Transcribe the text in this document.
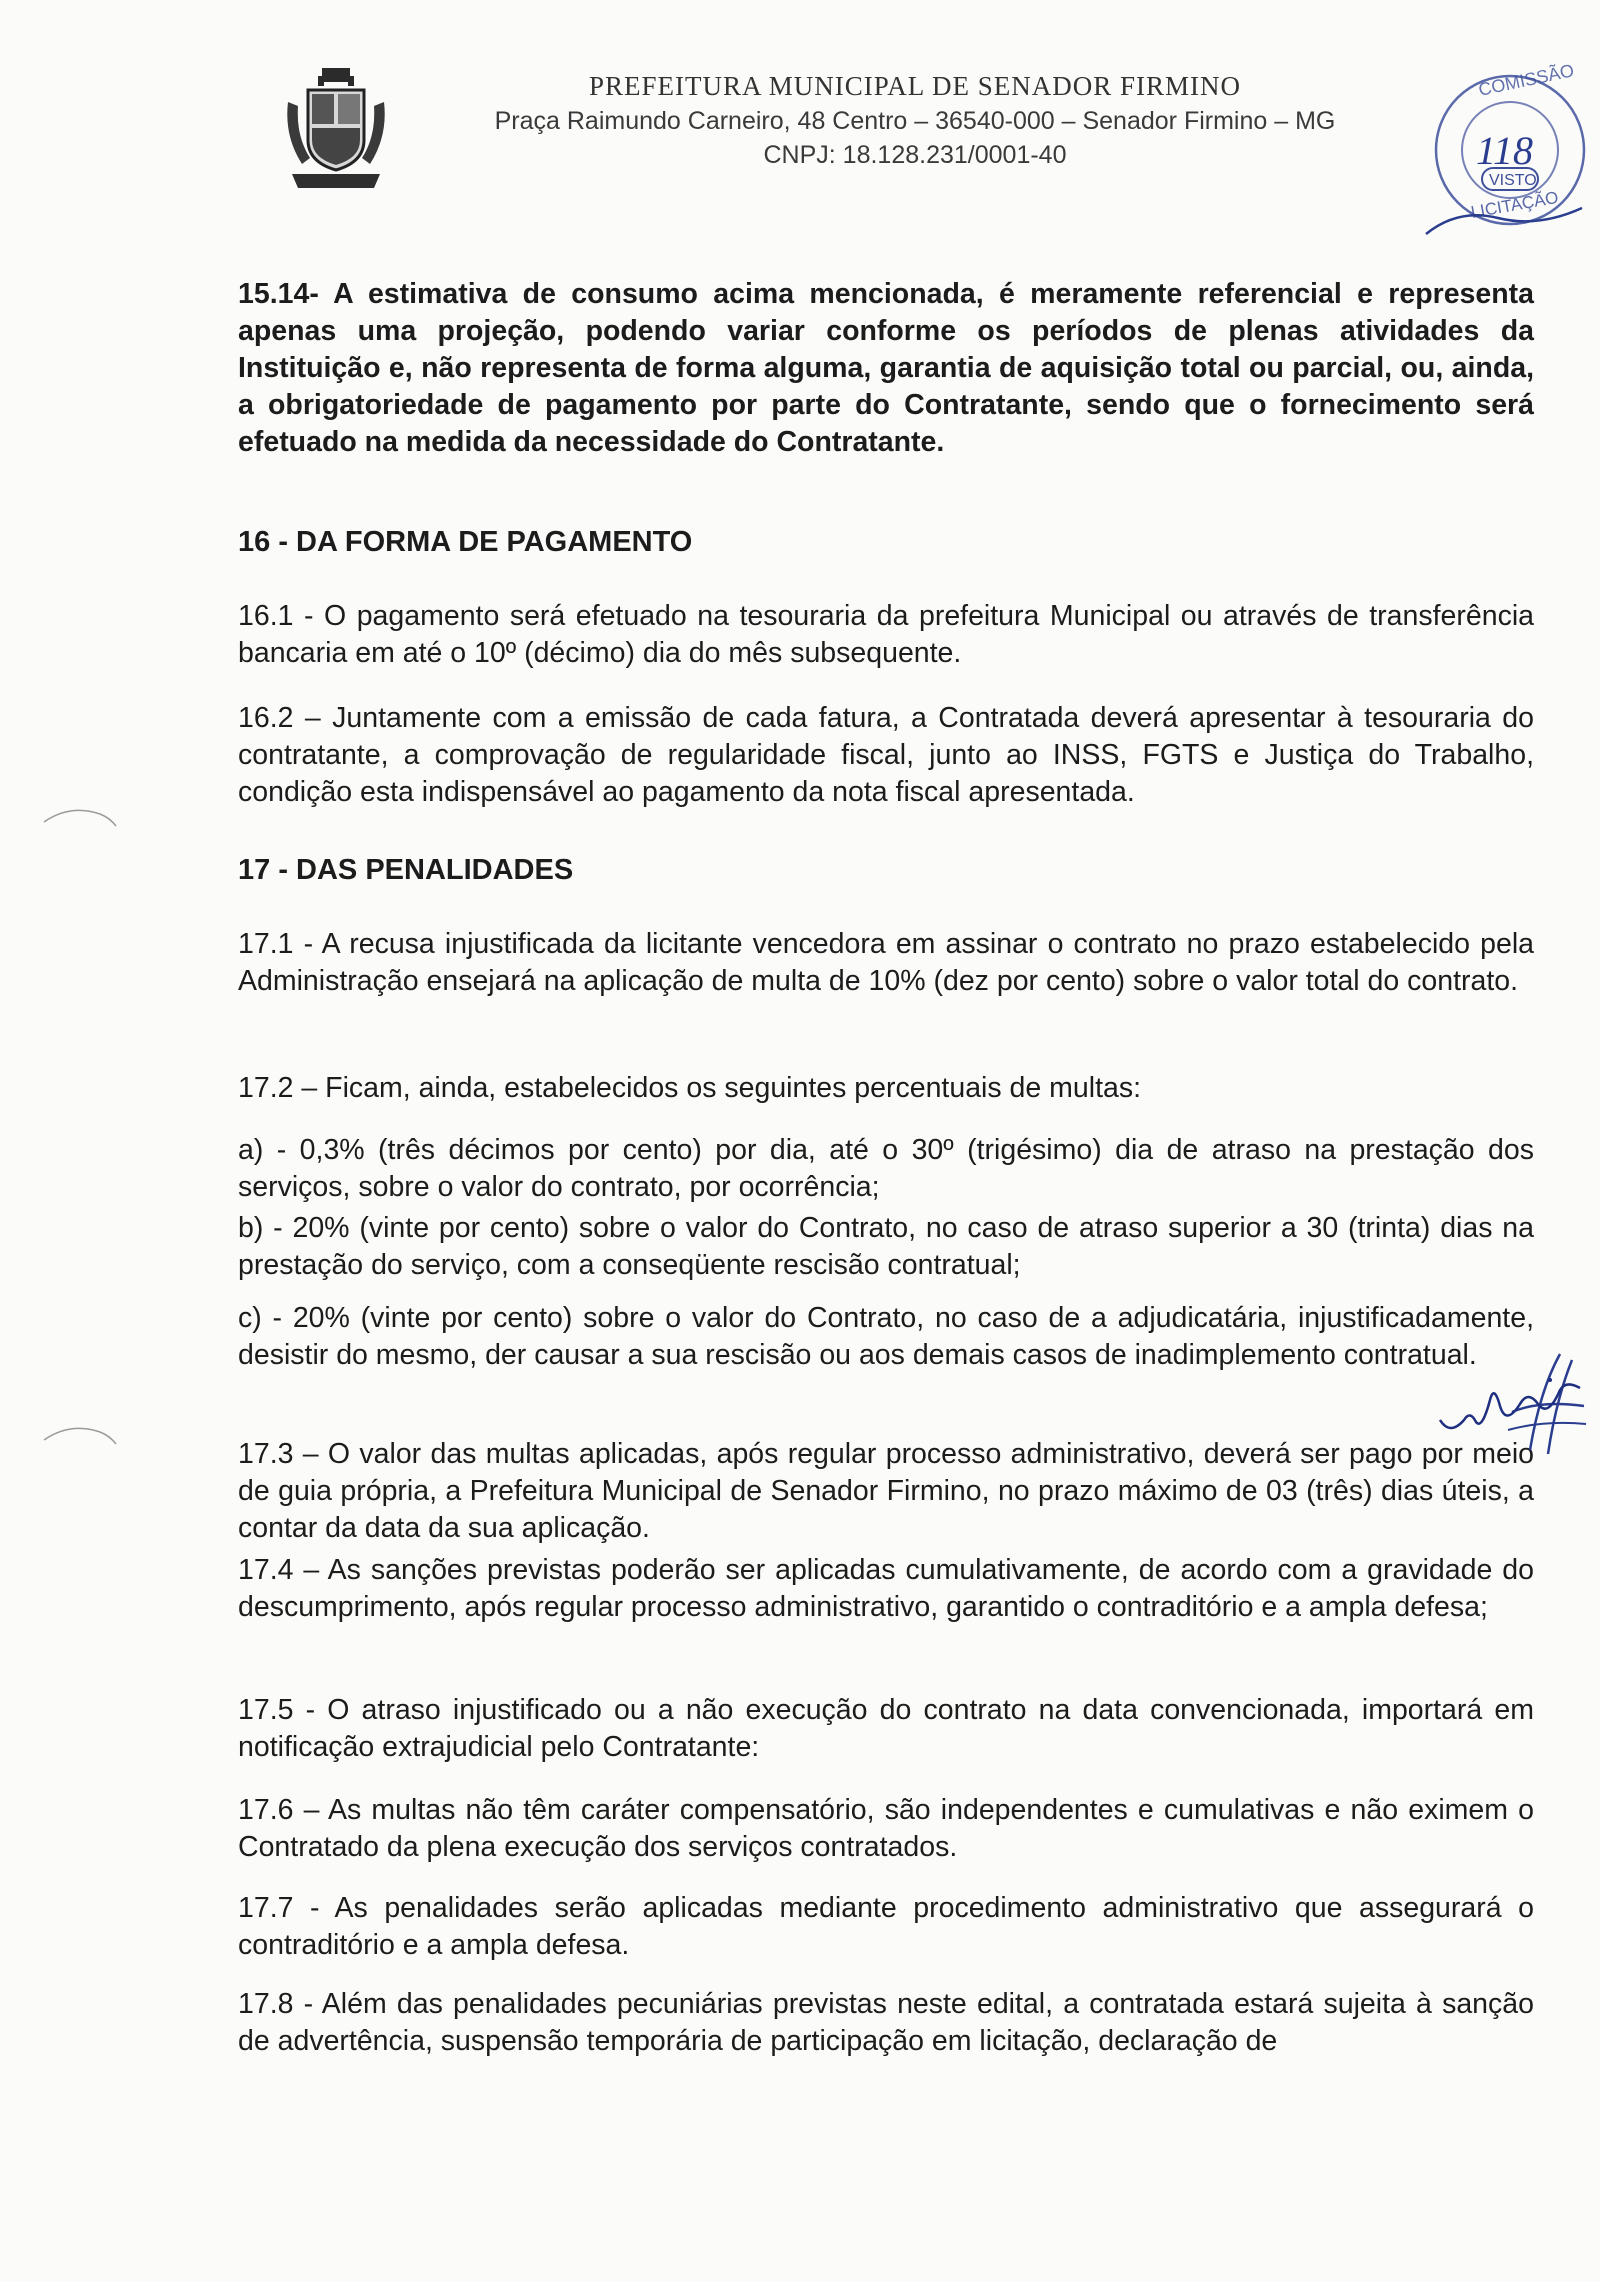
PREFEITURA MUNICIPAL DE SENADOR FIRMINO
Praça Raimundo Carneiro, 48 Centro – 36540-000 – Senador Firmino – MG
CNPJ: 18.128.231/0001-40
COMISSÃO
118
VISTO
LICITAÇÃO

15.14- A estimativa de consumo acima mencionada, é meramente referencial e representa apenas uma projeção, podendo variar conforme os períodos de plenas atividades da Instituição e, não representa de forma alguma, garantia de aquisição total ou parcial, ou, ainda, a obrigatoriedade de pagamento por parte do Contratante, sendo que o fornecimento será efetuado na medida da necessidade do Contratante.

16 - DA FORMA DE PAGAMENTO

16.1 - O pagamento será efetuado na tesouraria da prefeitura Municipal ou através de transferência bancaria em até o 10º (décimo) dia do mês subsequente.

16.2 – Juntamente com a emissão de cada fatura, a Contratada deverá apresentar à tesouraria do contratante, a comprovação de regularidade fiscal, junto ao INSS, FGTS e Justiça do Trabalho, condição esta indispensável ao pagamento da nota fiscal apresentada.

17 - DAS PENALIDADES

17.1 - A recusa injustificada da licitante vencedora em assinar o contrato no prazo estabelecido pela Administração ensejará na aplicação de multa de 10% (dez por cento) sobre o valor total do contrato.

17.2 – Ficam, ainda, estabelecidos os seguintes percentuais de multas:

a) - 0,3% (três décimos por cento) por dia, até o 30º (trigésimo) dia de atraso na prestação dos serviços, sobre o valor do contrato, por ocorrência;

b) - 20% (vinte por cento) sobre o valor do Contrato, no caso de atraso superior a 30 (trinta) dias na prestação do serviço, com a conseqüente rescisão contratual;

c) - 20% (vinte por cento) sobre o valor do Contrato, no caso de a adjudicatária, injustificadamente, desistir do mesmo, der causar a sua rescisão ou aos demais casos de inadimplemento contratual.

17.3 – O valor das multas aplicadas, após regular processo administrativo, deverá ser pago por meio de guia própria, a Prefeitura Municipal de Senador Firmino, no prazo máximo de 03 (três) dias úteis, a contar da data da sua aplicação.

17.4 – As sanções previstas poderão ser aplicadas cumulativamente, de acordo com a gravidade do descumprimento, após regular processo administrativo, garantido o contraditório e a ampla defesa;

17.5 - O atraso injustificado ou a não execução do contrato na data convencionada, importará em notificação extrajudicial pelo Contratante:

17.6 – As multas não têm caráter compensatório, são independentes e cumulativas e não eximem o Contratado da plena execução dos serviços contratados.

17.7 - As penalidades serão aplicadas mediante procedimento administrativo que assegurará o contraditório e a ampla defesa.

17.8 - Além das penalidades pecuniárias previstas neste edital, a contratada estará sujeita à sanção de advertência, suspensão temporária de participação em licitação, declaração de
